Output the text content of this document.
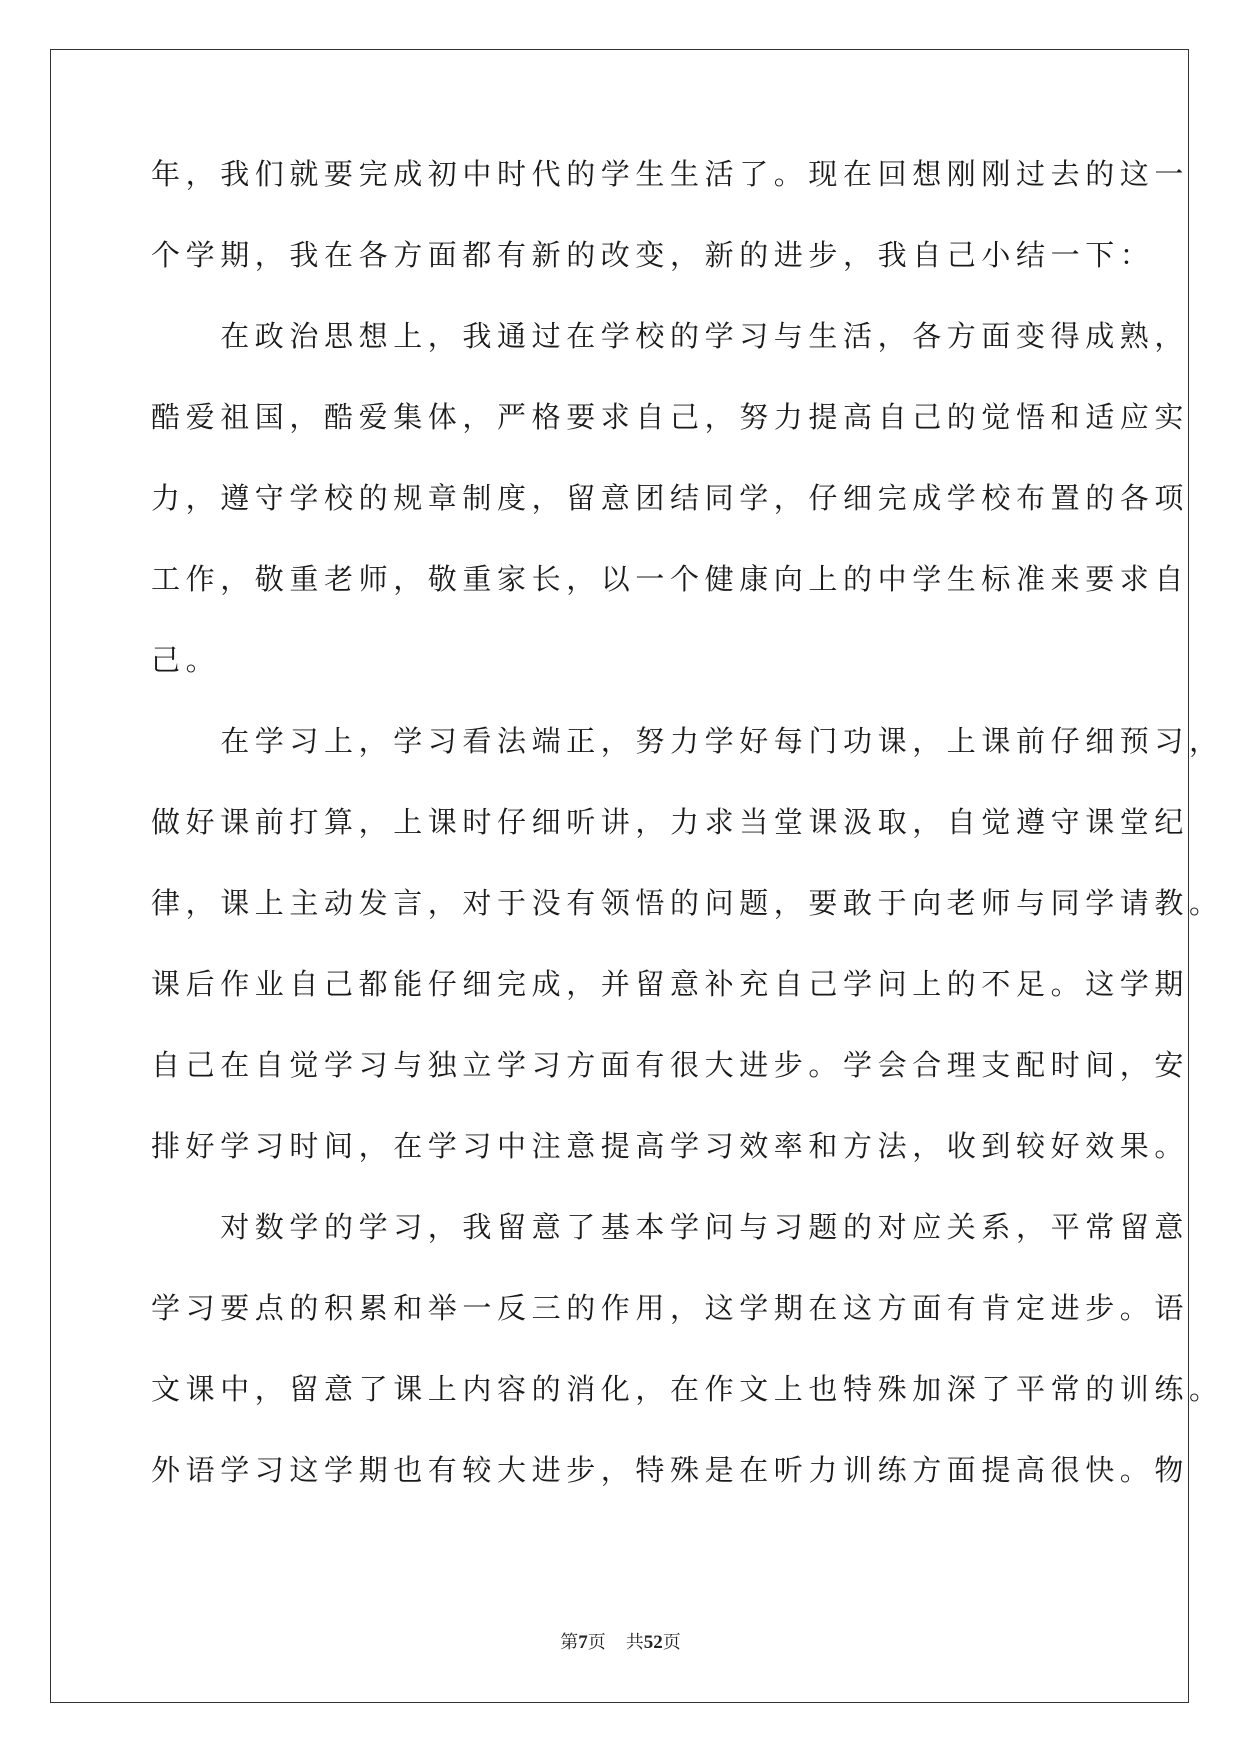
年，我们就要完成初中时代的学生生活了。现在回想刚刚过去的这一
个学期，我在各方面都有新的改变，新的进步，我自己小结一下：
　　在政治思想上，我通过在学校的学习与生活，各方面变得成熟，
酷爱祖国，酷爱集体，严格要求自己，努力提高自己的觉悟和适应实
力，遵守学校的规章制度，留意团结同学，仔细完成学校布置的各项
工作，敬重老师，敬重家长，以一个健康向上的中学生标准来要求自
己。
　　在学习上，学习看法端正，努力学好每门功课，上课前仔细预习，
做好课前打算，上课时仔细听讲，力求当堂课汲取，自觉遵守课堂纪
律，课上主动发言，对于没有领悟的问题，要敢于向老师与同学请教。
课后作业自己都能仔细完成，并留意补充自己学问上的不足。这学期
自己在自觉学习与独立学习方面有很大进步。学会合理支配时间，安
排好学习时间，在学习中注意提高学习效率和方法，收到较好效果。
　　对数学的学习，我留意了基本学问与习题的对应关系，平常留意
学习要点的积累和举一反三的作用，这学期在这方面有肯定进步。语
文课中，留意了课上内容的消化，在作文上也特殊加深了平常的训练。
外语学习这学期也有较大进步，特殊是在听力训练方面提高很快。物
第7页 共52页
